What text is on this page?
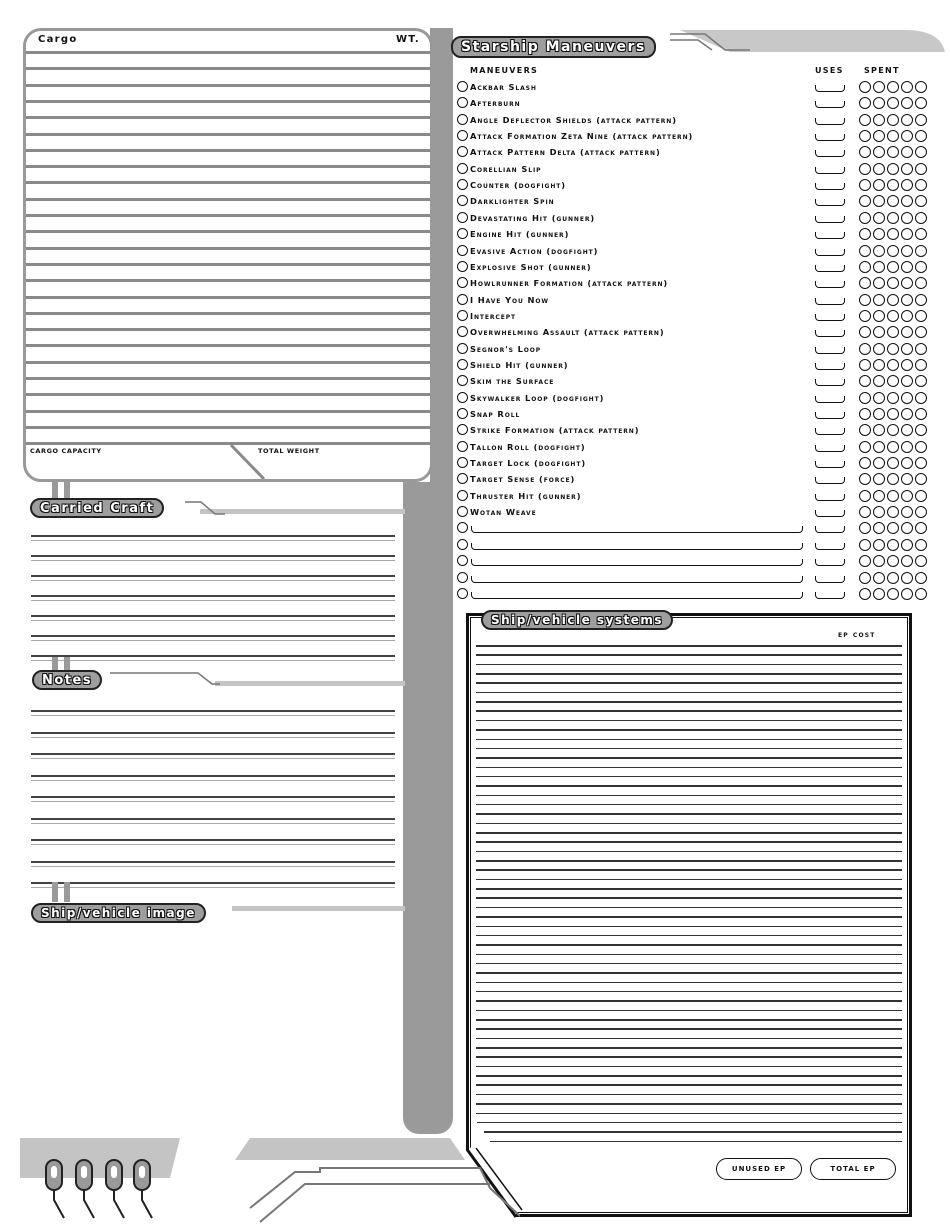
Cargo	WT.
CARGO CAPACITY	TOTAL WEIGHT
Carried Craft
Notes
Ship/vehicle image
Starship Maneuvers
MANEUVERS	USES	SPENT
Ackbar Slash
Afterburn
Angle Deflector Shields (attack pattern)
Attack Formation Zeta Nine (attack pattern)
Attack Pattern Delta (attack pattern)
Corellian Slip
Counter (dogfight)
Darklighter Spin
Devastating Hit (gunner)
Engine Hit (gunner)
Evasive Action (dogfight)
Explosive Shot (gunner)
Howlrunner Formation (attack pattern)
I Have You Now
Intercept
Overwhelming Assault (attack pattern)
Segnor's Loop
Shield Hit (gunner)
Skim the Surface
Skywalker Loop (dogfight)
Snap Roll
Strike Formation (attack pattern)
Tallon Roll (dogfight)
Target Lock (dogfight)
Target Sense (force)
Thruster Hit (gunner)
Wotan Weave
Ship/vehicle systems
ep cost
UNUSED EP	TOTAL EP
